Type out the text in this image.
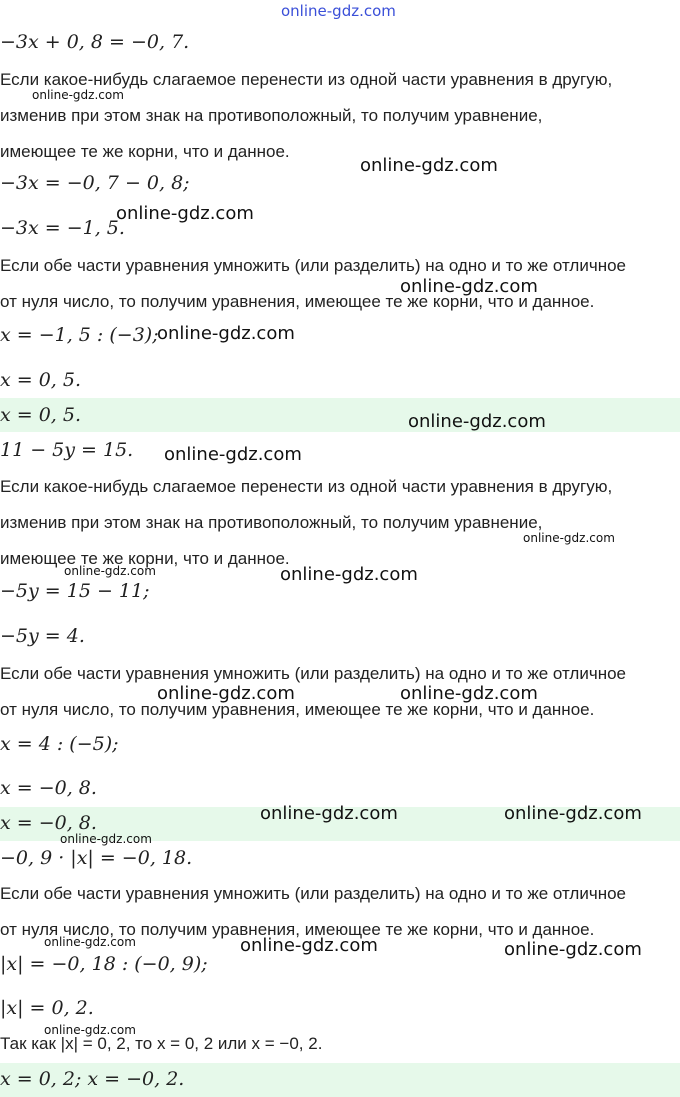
online-gdz.com
−3x + 0, 8 = −0, 7.
Если какое-нибудь слагаемое перенести из одной части уравнения в другую,
изменив при этом знак на противоположный, то получим уравнение,
имеющее те же корни, что и данное.
−3x = −0, 7 − 0, 8;
−3x = −1, 5.
Если обе части уравнения умножить (или разделить) на одно и то же отличное
от нуля число, то получим уравнения, имеющее те же корни, что и данное.
x = −1, 5 : (−3);
x = 0, 5.
x = 0, 5.
11 − 5y = 15.
Если какое-нибудь слагаемое перенести из одной части уравнения в другую,
изменив при этом знак на противоположный, то получим уравнение,
имеющее те же корни, что и данное.
−5y = 15 − 11;
−5y = 4.
Если обе части уравнения умножить (или разделить) на одно и то же отличное
от нуля число, то получим уравнения, имеющее те же корни, что и данное.
x = 4 : (−5);
x = −0, 8.
x = −0, 8.
−0, 9 · |x| = −0, 18.
Если обе части уравнения умножить (или разделить) на одно и то же отличное
от нуля число, то получим уравнения, имеющее те же корни, что и данное.
|x| = −0, 18 : (−0, 9);
|x| = 0, 2.
Так как |x| = 0, 2, то x = 0, 2 или x = −0, 2.
x = 0, 2; x = −0, 2.
online-gdz.com
online-gdz.com
online-gdz.com
online-gdz.com
online-gdz.com
online-gdz.com
online-gdz.com
online-gdz.com
online-gdz.com	online-gdz.com
online-gdz.com	online-gdz.com
online-gdz.com	online-gdz.com
online-gdz.com
online-gdz.com	online-gdz.com	online-gdz.com
online-gdz.com
